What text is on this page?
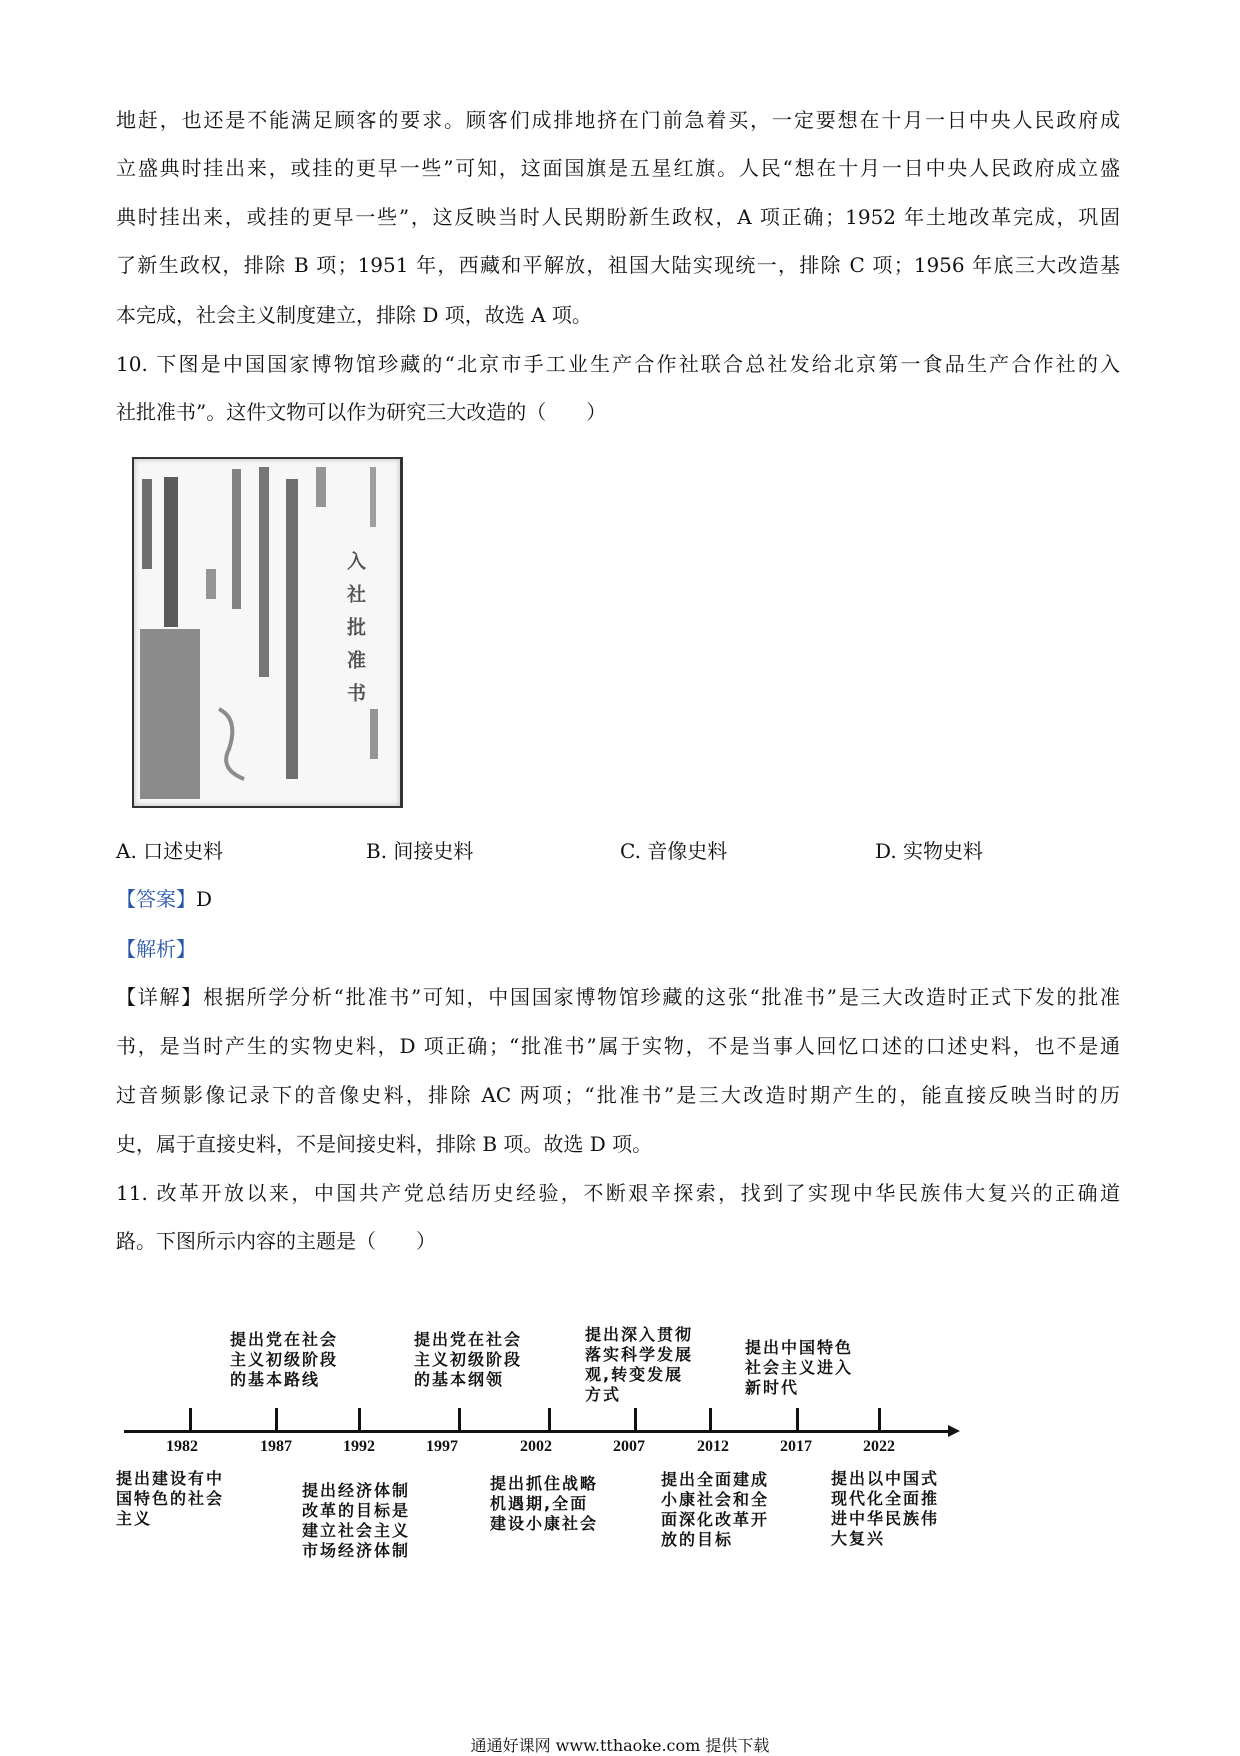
地赶，也还是不能满足顾客的要求。顾客们成排地挤在门前急着买，一定要想在十月一日中央人民政府成
立盛典时挂出来，或挂的更早一些”可知，这面国旗是五星红旗。人民“想在十月一日中央人民政府成立盛
典时挂出来，或挂的更早一些”，这反映当时人民期盼新生政权，A 项正确；1952 年土地改革完成，巩固
了新生政权，排除 B 项；1951 年，西藏和平解放，祖国大陆实现统一，排除 C 项；1956 年底三大改造基
本完成，社会主义制度建立，排除 D 项，故选 A 项。
10. 下图是中国国家博物馆珍藏的“北京市手工业生产合作社联合总社发给北京第一食品生产合作社的入
社批准书”。这件文物可以作为研究三大改造的（　　）
入社批准书
A. 口述史料	B. 间接史料	C. 音像史料	D. 实物史料
【答案】D
【解析】
【详解】根据所学分析“批准书”可知，中国国家博物馆珍藏的这张“批准书”是三大改造时正式下发的批准
书，是当时产生的实物史料，D 项正确；“批准书”属于实物，不是当事人回忆口述的口述史料，也不是通
过音频影像记录下的音像史料，排除 AC 两项；“批准书”是三大改造时期产生的，能直接反映当时的历
史，属于直接史料，不是间接史料，排除 B 项。故选 D 项。
11. 改革开放以来，中国共产党总结历史经验，不断艰辛探索，找到了实现中华民族伟大复兴的正确道
路。下图所示内容的主题是（　　）
提出党在社会主义初级阶段的基本路线
提出党在社会主义初级阶段的基本纲领
提出深入贯彻落实科学发展观,转变发展方式
提出中国特色社会主义进入新时代
1982	1987	1992	1997	2002	2007	2012	2017	2022
提出建设有中国特色的社会主义
提出经济体制改革的目标是建立社会主义市场经济体制
提出抓住战略机遇期,全面建设小康社会
提出全面建成小康社会和全面深化改革开放的目标
提出以中国式现代化全面推进中华民族伟大复兴
通通好课网 www.tthaoke.com 提供下载
